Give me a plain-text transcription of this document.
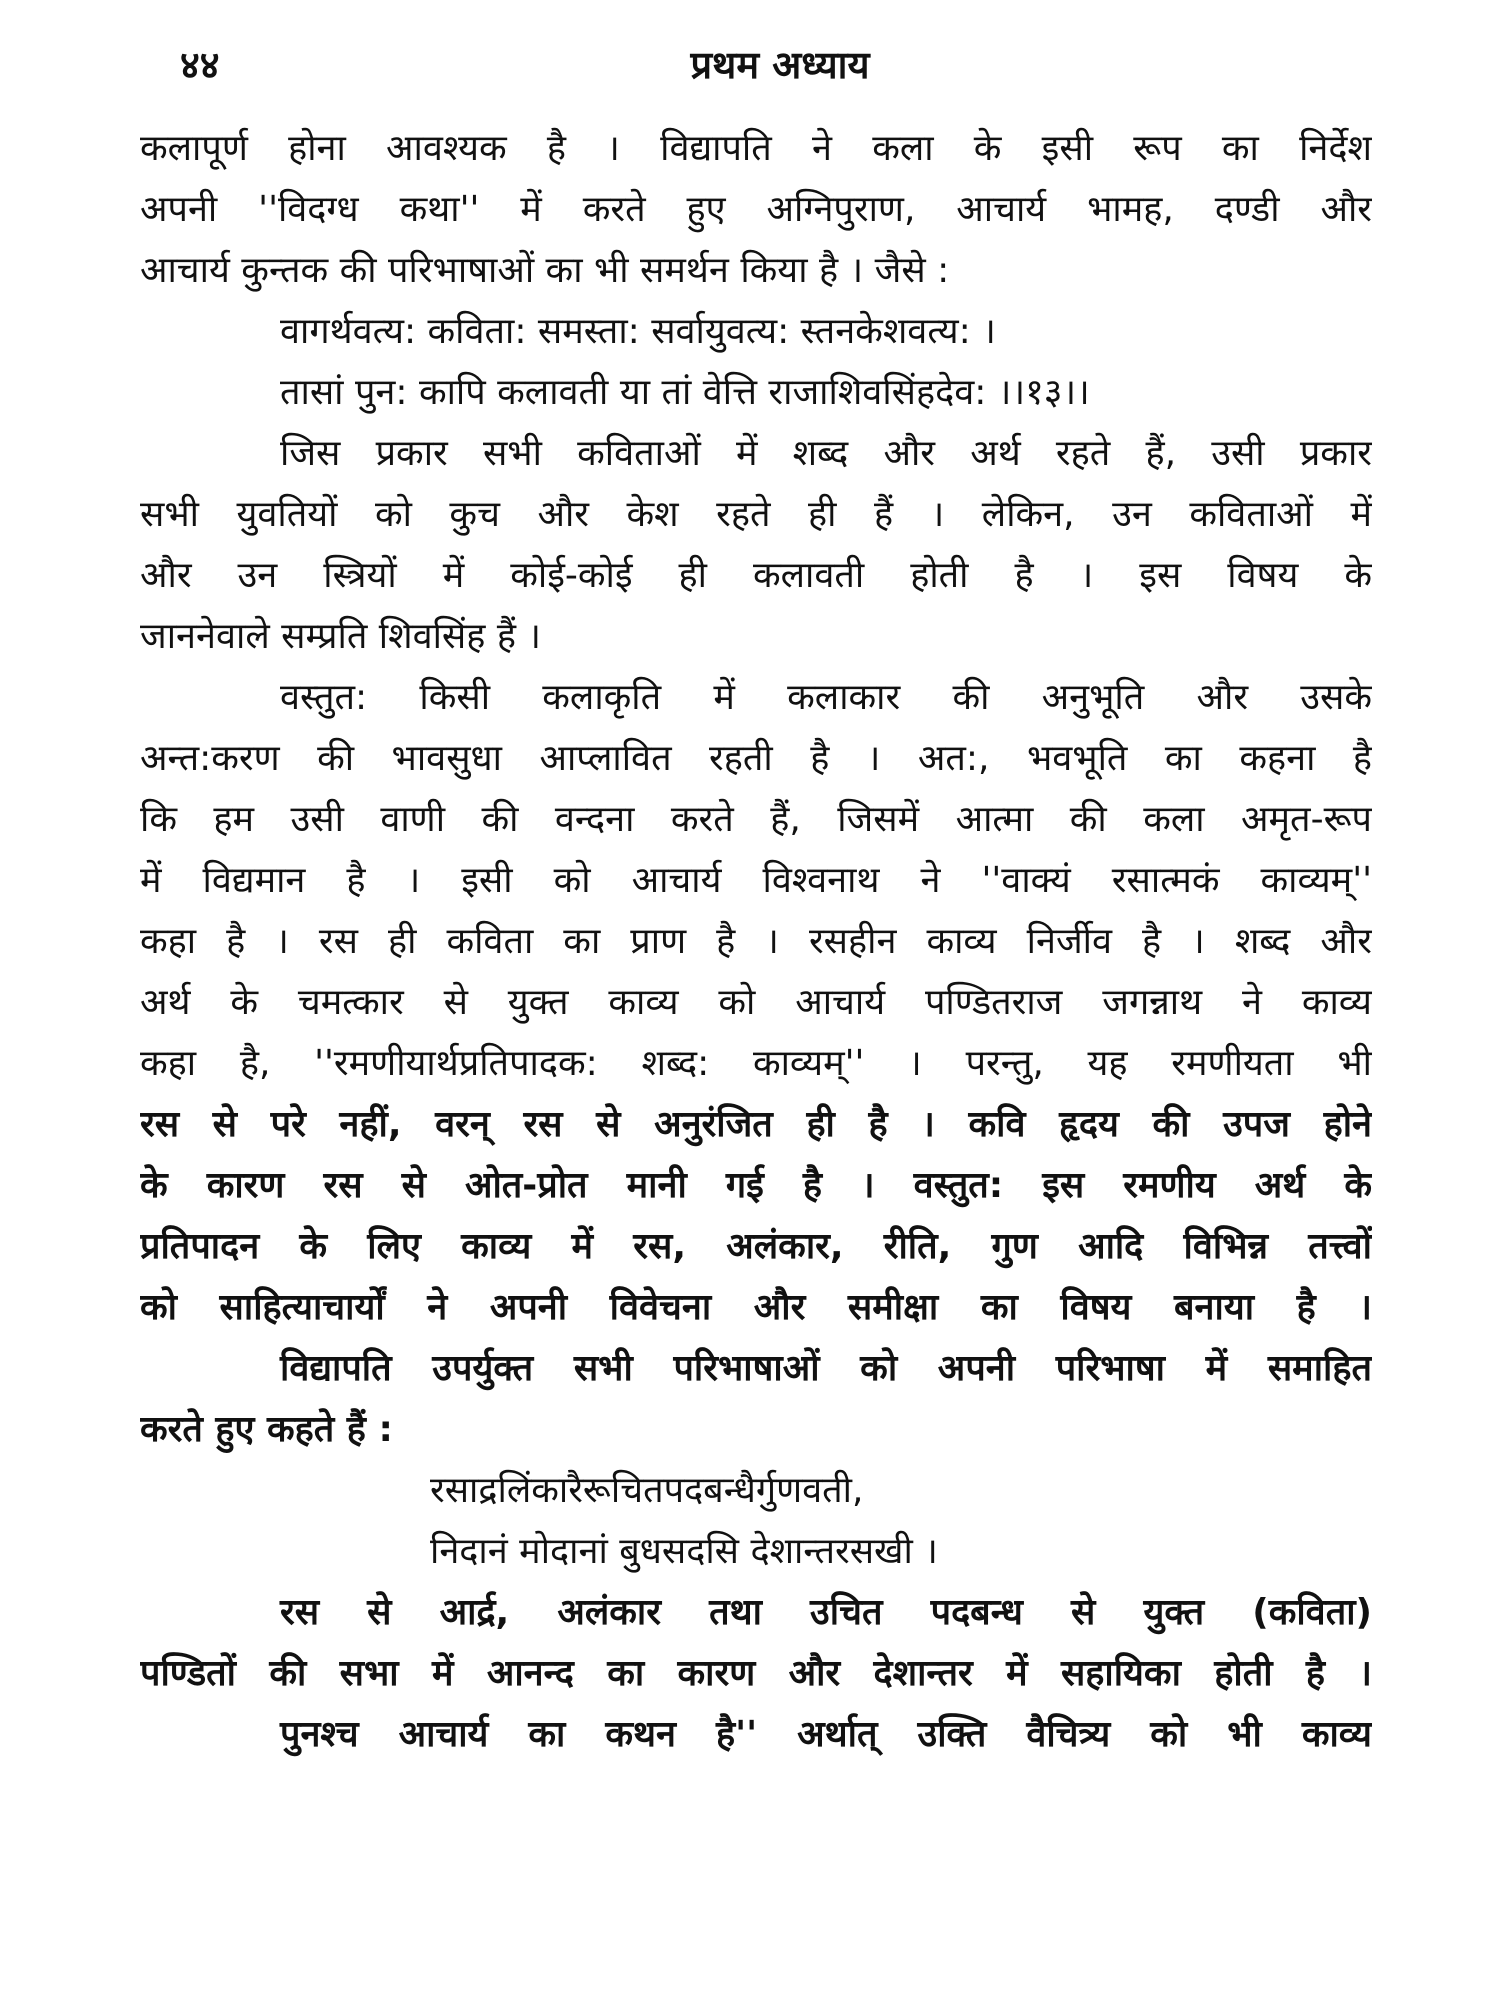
४४	प्रथम अध्याय
कलापूर्ण होना आवश्यक है । विद्यापति ने कला के इसी रूप का निर्देश
अपनी ''विदग्ध कथा'' में करते हुए अग्निपुराण, आचार्य भामह, दण्डी और
आचार्य कुन्तक की परिभाषाओं का भी समर्थन किया है । जैसे :
वागर्थवत्य: कविता: समस्ता: सर्वायुवत्य: स्तनकेशवत्य: ।
तासां पुन: कापि कलावती या तां वेत्ति राजाशिवसिंहदेव: ।।१३।।
जिस प्रकार सभी कविताओं में शब्द और अर्थ रहते हैं, उसी प्रकार
सभी युवतियों को कुच और केश रहते ही हैं । लेकिन, उन कविताओं में
और उन स्त्रियों में कोई-कोई ही कलावती होती है । इस विषय के
जाननेवाले सम्प्रति शिवसिंह हैं ।
वस्तुत: किसी कलाकृति में कलाकार की अनुभूति और उसके
अन्त:करण की भावसुधा आप्लावित रहती है । अत:, भवभूति का कहना है
कि हम उसी वाणी की वन्दना करते हैं, जिसमें आत्मा की कला अमृत-रूप
में विद्यमान है । इसी को आचार्य विश्वनाथ ने ''वाक्यं रसात्मकं काव्यम्''
कहा है । रस ही कविता का प्राण है । रसहीन काव्य निर्जीव है । शब्द और
अर्थ के चमत्कार से युक्त काव्य को आचार्य पण्डितराज जगन्नाथ ने काव्य
कहा है, ''रमणीयार्थप्रतिपादक: शब्द: काव्यम्'' । परन्तु, यह रमणीयता भी
रस से परे नहीं, वरन् रस से अनुरंजित ही है । कवि हृदय की उपज होने
के कारण रस से ओत-प्रोत मानी गई है । वस्तुत: इस रमणीय अर्थ के
प्रतिपादन के लिए काव्य में रस, अलंकार, रीति, गुण आदि विभिन्न तत्त्वों
को साहित्याचार्यों ने अपनी विवेचना और समीक्षा का विषय बनाया है ।
विद्यापति उपर्युक्त सभी परिभाषाओं को अपनी परिभाषा में समाहित
करते हुए कहते हैं :
रसाद्रलिंकारैरूचितपदबन्धैर्गुणवती,
निदानं मोदानां बुधसदसि देशान्तरसखी ।
रस से आर्द्र, अलंकार तथा उचित पदबन्ध से युक्त (कविता)
पण्डितों की सभा में आनन्द का कारण और देशान्तर में सहायिका होती है ।
पुनश्च आचार्य का कथन है'' अर्थात् उक्ति वैचित्र्य को भी काव्य
